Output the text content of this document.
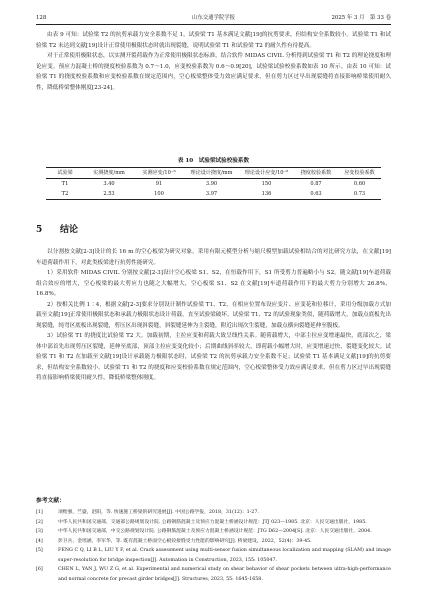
128	山东交通学院学报	2025 年 3 月　第 33 卷

由表 9 可知：试验梁 T2 的抗剪承载力安全系数不足 1，试验梁 T1 基本满足文献[19]的抗剪要求，但结构安全系数较小。试验梁 T1 和试验梁 T2 未达到文献[19]设计正常使用极限状态时就出现裂缝，说明试验梁 T1 和试验梁 T2 的耐久性有待提高。

对于正常使用极限状态，以实测开裂荷载作为正常使用极限状态标准，结合软件 MIDAS CIVIL 分析得到试验梁 T1 和 T2 的理论挠度和理论应变。预应力混凝土桥的挠度校验系数为 0.7～1.0，应变校验系数为 0.6～0.9[20]，试验梁试验校验系数如表 10 所示。由表 10 可知：试验梁 T1 的挠度校验系数和应变校验系数在规定范围内，空心板梁整体受力效应满足要求，但在剪力区过早出现裂缝将直接影响桥梁使用耐久性，降低桥梁整体刚度[23-24]。

表 10　试验梁试验校验系数
试验梁	实测挠度/mm	实测应变/10⁻⁶	理论设计挠度/mm	理论设计应变/10⁻⁶	挠度校验系数	应变校验系数
T1	3.40	91	3.90	150	0.87	0.60
T2	2.53	100	3.97	136	0.63	0.73
5 结论

以分割按文献[2-3]设计的长 16 m 的空心板梁为研究对象，采用有限元模型分析与缩尺模型加载试验相结合的对比研究方法，在文献[19]车道荷载作用下，对此类板梁进行抗剪性能研究。

1）采用软件 MIDAS CIVIL 分别按文献[2-3]设计空心板梁 S1、S2，在恒载作用下，S1 所受剪力普遍略小与 S2。随文献[19]车道荷载组合效应的增大，空心板梁的最大剪应力也随之大幅增大，空心板梁 S1、S2 在文献[19]车道荷载作用下的最大剪力分别增大 26.8%、16.8%。

2）按相关比例 1∶4，根据文献[2-3]要求分别设计制作试验梁 T1、T2，在相应位置布设应变片、应变花和位移计，采用分级加载方式加载至文献[19]正常使用极限状态和承载力极限状态设计荷载，直至试验梁破坏。试验梁 T1、T2 的试验现象类似，随荷载增大，加载点底板先出现裂缝，纯弯区底板出现裂缝，剪压区出现斜裂缝，斜裂缝延伸为主裂缝，附近出现次生裂缝，加载点横向裂缝延伸至腹板。

3）试验梁 T1 的挠度比试验梁 T2 大。加载初期，主拉应变和荷载大致呈线性关系。随荷载增大，中部主拉应变增速最快，底部次之，梁体中部首先出现剪压区裂缝，延伸至底部，顶部主拉应变变化较小；后期曲线斜率较大，即荷载小幅增大时，应变增速过快，裂缝变化较大。试验梁 T1 和 T2 在加载至文献[19]设计承载能力极限状态时，试验梁 T2 的抗剪承载力安全系数不足；试验梁 T1 基本满足文献[19]的抗剪要求，但结构安全系数较小。试验梁 T1 和 T2 的挠度和应变校验系数在规定范围内，空心板梁整体受力效应满足要求，但在剪力区过早出现裂缝将直接影响桥梁使用耐久性，降低桥梁整体刚度。

参考文献：
[1]	项贻强，竺盛，赵阳，等. 快速施工桥梁的研究进展[J]. 中国公路学报，2018，31(12)：1-27.
[2]	中华人民共和国交通部，交通部公路规划设计院. 公路钢筋混凝土及预应力混凝土桥涵设计规范：JTJ 023—1985. 北京：人民交通出版社，1985.
[3]	中华人民共和国交通部，中交公路规划设计院. 公路钢筋混凝土及预应力混凝土桥涵设计规范：JTG D62—2004[S]. 北京：人民交通出版社，2004.
[4]	彭卫兵，金瑶涵，李军华，等. 既有混凝土桥面空心板铰接缝受力性能的影响研究[J]. 桥梁建设，2022，52(4)：39-45.
[5]	FENG C Q, LI B L, LIU Y F, et al. Crack assessment using multi-sensor fusion simultaneous localization and mapping (SLAM) and image super-resolution for bridge inspection[J]. Automation in Construction, 2023, 155: 105047.
[6]	CHEN L, YAN J, WU Z G, et al. Experimental and numerical study on shear behavior of shear pockets between ultra-high-performance and normal concrete for precast girder bridges[J]. Structures, 2023, 55: 1645-1658.
